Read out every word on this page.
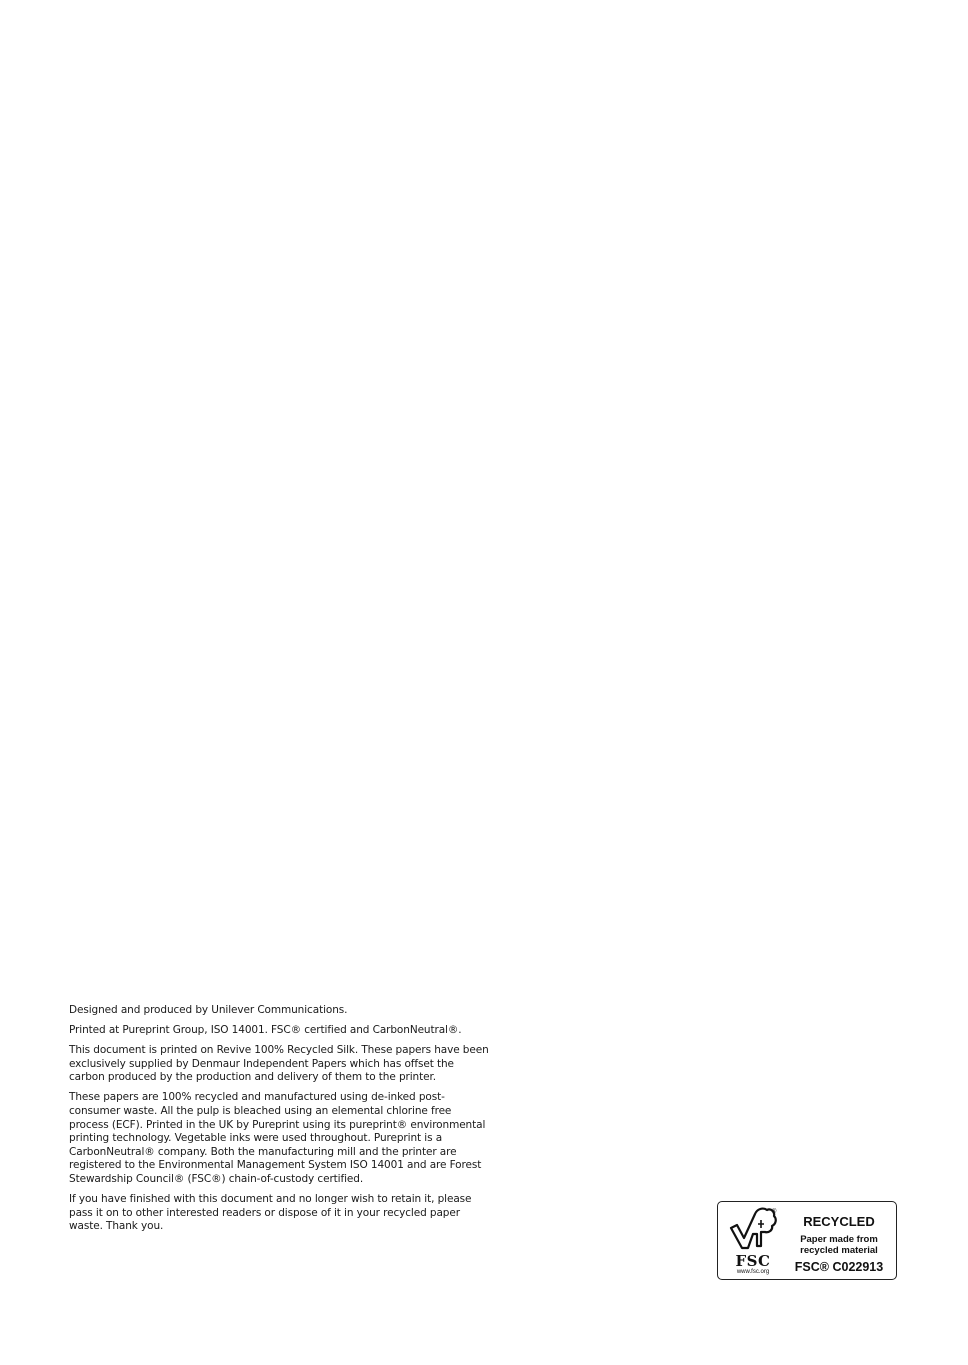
Designed and produced by Unilever Communications.

Printed at Pureprint Group, ISO 14001. FSC® certified and CarbonNeutral®.

This document is printed on Revive 100% Recycled Silk. These papers have been exclusively supplied by Denmaur Independent Papers which has offset the carbon produced by the production and delivery of them to the printer.

These papers are 100% recycled and manufactured using de-inked post-consumer waste. All the pulp is bleached using an elemental chlorine free process (ECF). Printed in the UK by Pureprint using its pureprint® environmental printing technology. Vegetable inks were used throughout. Pureprint is a CarbonNeutral® company. Both the manufacturing mill and the printer are registered to the Environmental Management System ISO 14001 and are Forest Stewardship Council® (FSC®) chain-of-custody certified.

If you have finished with this document and no longer wish to retain it, please pass it on to other interested readers or dispose of it in your recycled paper waste. Thank you.

®
FSC
www.fsc.org
RECYCLED
Paper made from recycled material
FSC® C022913
